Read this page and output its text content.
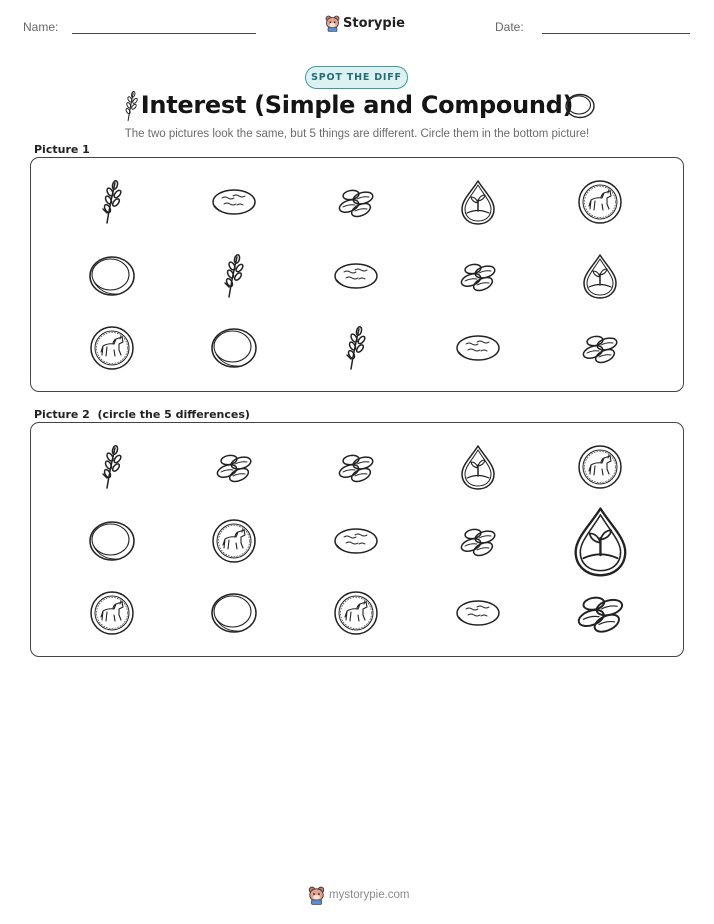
Name:	Storypie	Date:
SPOT THE DIFF
Interest (Simple and Compound)
The two pictures look the same, but 5 things are different. Circle them in the bottom picture!
Picture 1
Picture 2  (circle the 5 differences)
mystorypie.com
